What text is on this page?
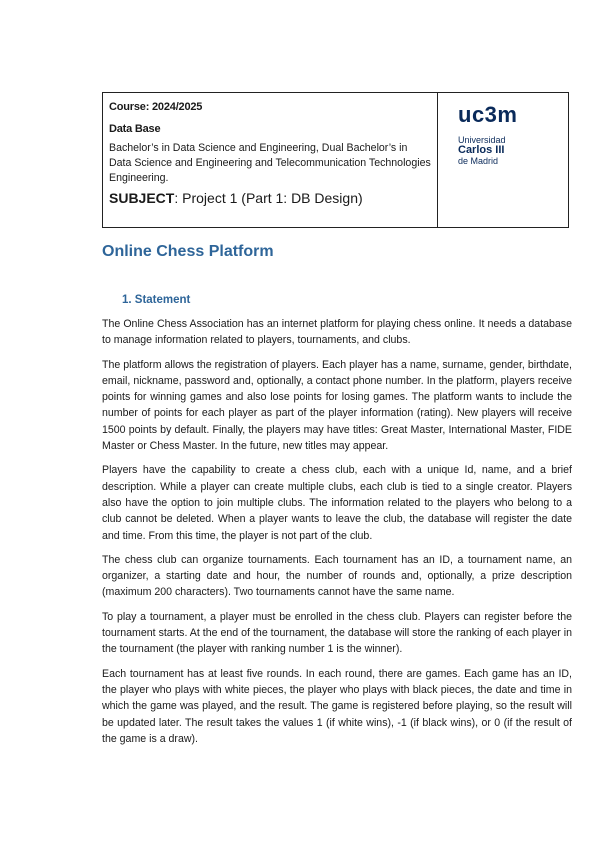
Course: 2024/2025
Data Base
Bachelor’s in Data Science and Engineering, Dual Bachelor’s in Data Science and Engineering and Telecommunication Technologies Engineering.
SUBJECT: Project 1 (Part 1: DB Design)
uc3m
Universidad
Carlos III
de Madrid
Online Chess Platform
1. Statement

The Online Chess Association has an internet platform for playing chess online. It needs a database to manage information related to players, tournaments, and clubs.

The platform allows the registration of players. Each player has a name, surname, gender, birthdate, email, nickname, password and, optionally, a contact phone number. In the platform, players receive points for winning games and also lose points for losing games. The platform wants to include the number of points for each player as part of the player information (rating). New players will receive 1500 points by default. Finally, the players may have titles: Great Master, International Master, FIDE Master or Chess Master. In the future, new titles may appear.

Players have the capability to create a chess club, each with a unique Id, name, and a brief description. While a player can create multiple clubs, each club is tied to a single creator. Players also have the option to join multiple clubs. The information related to the players who belong to a club cannot be deleted. When a player wants to leave the club, the database will register the date and time. From this time, the player is not part of the club.

The chess club can organize tournaments. Each tournament has an ID, a tournament name, an organizer, a starting date and hour, the number of rounds and, optionally, a prize description (maximum 200 characters). Two tournaments cannot have the same name.

To play a tournament, a player must be enrolled in the chess club. Players can register before the tournament starts. At the end of the tournament, the database will store the ranking of each player in the tournament (the player with ranking number 1 is the winner).

Each tournament has at least five rounds. In each round, there are games. Each game has an ID, the player who plays with white pieces, the player who plays with black pieces, the date and time in which the game was played, and the result. The game is registered before playing, so the result will be updated later. The result takes the values 1 (if white wins), -1 (if black wins), or 0 (if the result of the game is a draw).
